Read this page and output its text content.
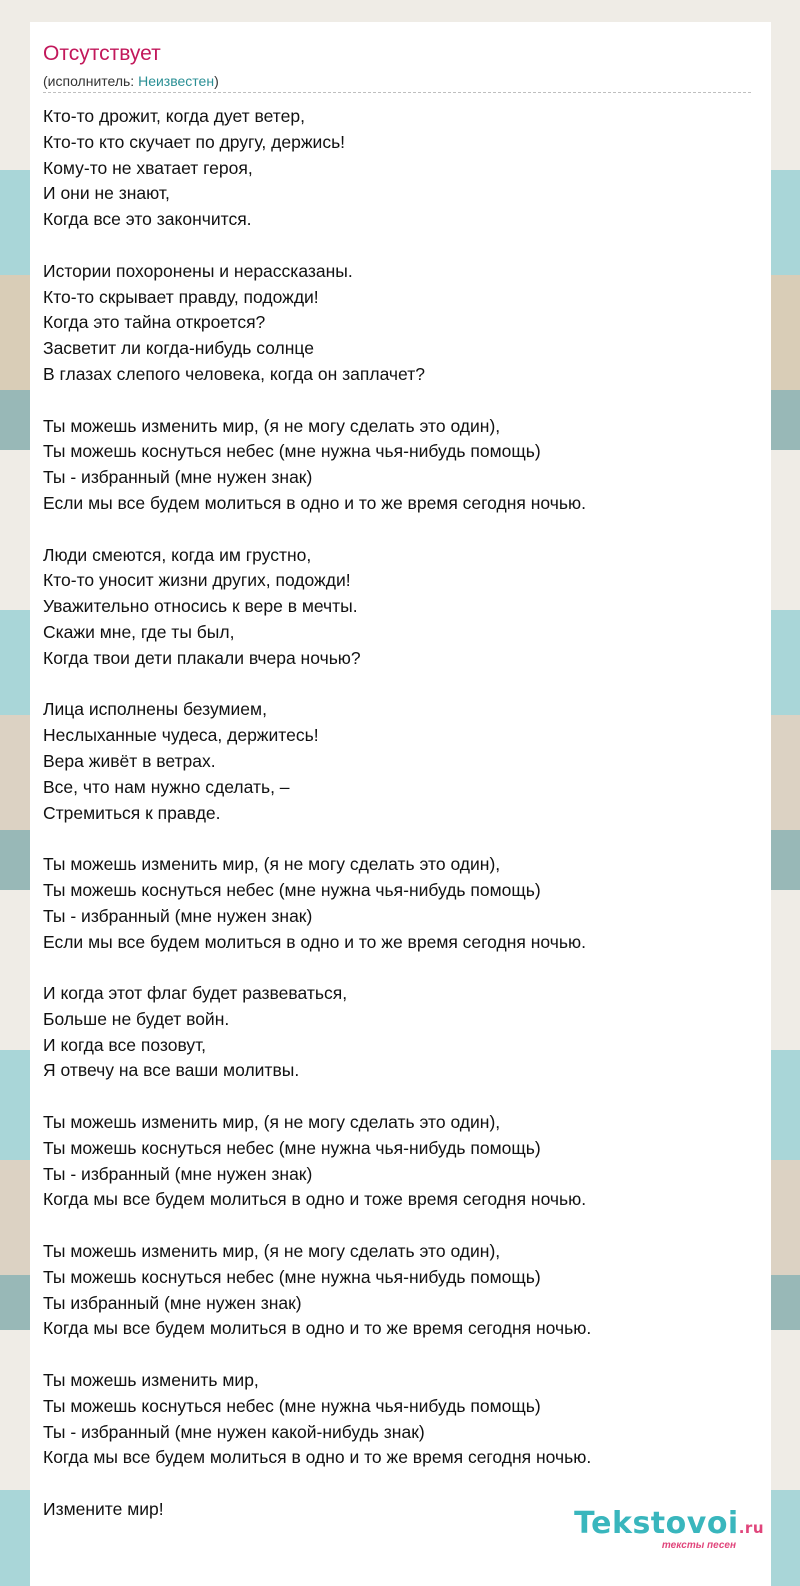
Отсутствует
(исполнитель: Неизвестен)
Кто-то дрожит, когда дует ветер,
Кто-то кто скучает по другу, держись!
Кому-то не хватает героя,
И они не знают,
Когда все это закончится.
Истории похоронены и нерассказаны.
Кто-то скрывает правду, подожди!
Когда это тайна откроется?
Засветит ли когда-нибудь солнце
В глазах слепого человека, когда он заплачет?
Ты можешь изменить мир, (я не могу сделать это один),
Ты можешь коснуться небес (мне нужна чья-нибудь помощь)
Ты - избранный (мне нужен знак)
Если мы все будем молиться в одно и то же время сегодня ночью.
Люди смеются, когда им грустно,
Кто-то уносит жизни других, подожди!
Уважительно относись к вере в мечты.
Скажи мне, где ты был,
Когда твои дети плакали вчера ночью?
Лица исполнены безумием,
Неслыханные чудеса, держитесь!
Вера живёт в ветрах.
Все, что нам нужно сделать, –
Стремиться к правде.
Ты можешь изменить мир, (я не могу сделать это один),
Ты можешь коснуться небес (мне нужна чья-нибудь помощь)
Ты - избранный (мне нужен знак)
Если мы все будем молиться в одно и то же время сегодня ночью.
И когда этот флаг будет развеваться,
Больше не будет войн.
И когда все позовут,
Я отвечу на все ваши молитвы.
Ты можешь изменить мир, (я не могу сделать это один),
Ты можешь коснуться небес (мне нужна чья-нибудь помощь)
Ты - избранный (мне нужен знак)
Когда мы все будем молиться в одно и тоже время сегодня ночью.
Ты можешь изменить мир, (я не могу сделать это один),
Ты можешь коснуться небес (мне нужна чья-нибудь помощь)
Ты избранный (мне нужен знак)
Когда мы все будем молиться в одно и то же время сегодня ночью.
Ты можешь изменить мир,
Ты можешь коснуться небес (мне нужна чья-нибудь помощь)
Ты - избранный (мне нужен какой-нибудь знак)
Когда мы все будем молиться в одно и то же время сегодня ночью.
Измените мир!	Tekstovoi.ru
тексты песен
